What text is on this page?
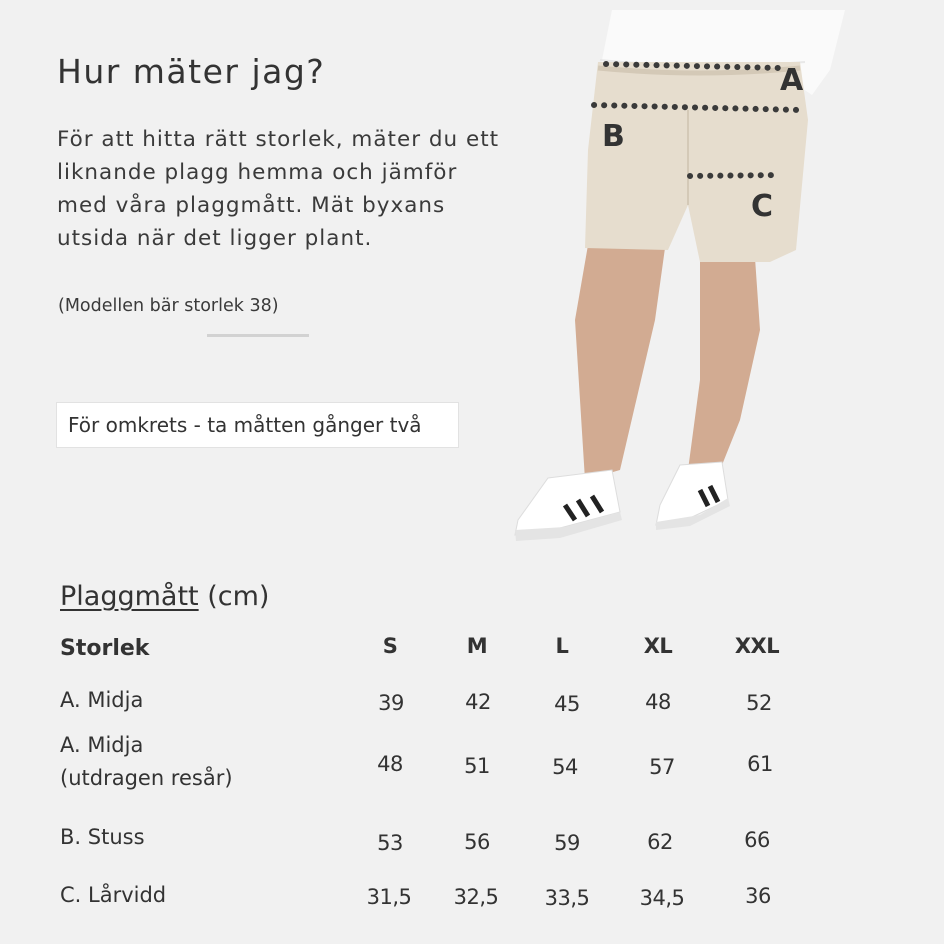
Hur mäter jag?
För att hitta rätt storlek, mäter du ett
liknande plagg hemma och jämför
med våra plaggmått. Mät byxans
utsida när det ligger plant.
(Modellen bär storlek 38)
För omkrets - ta måtten gånger två
A
B
C
Plaggmått (cm)
Storlek	S	M	L	XL	XXL
A. Midja	39	42	45	48	52
A. Midja
(utdragen resår)
48	51	54	57	61
B. Stuss	53	56	59	62	66
C. Lårvidd	31,5 32,5 33,5 34,5	36
